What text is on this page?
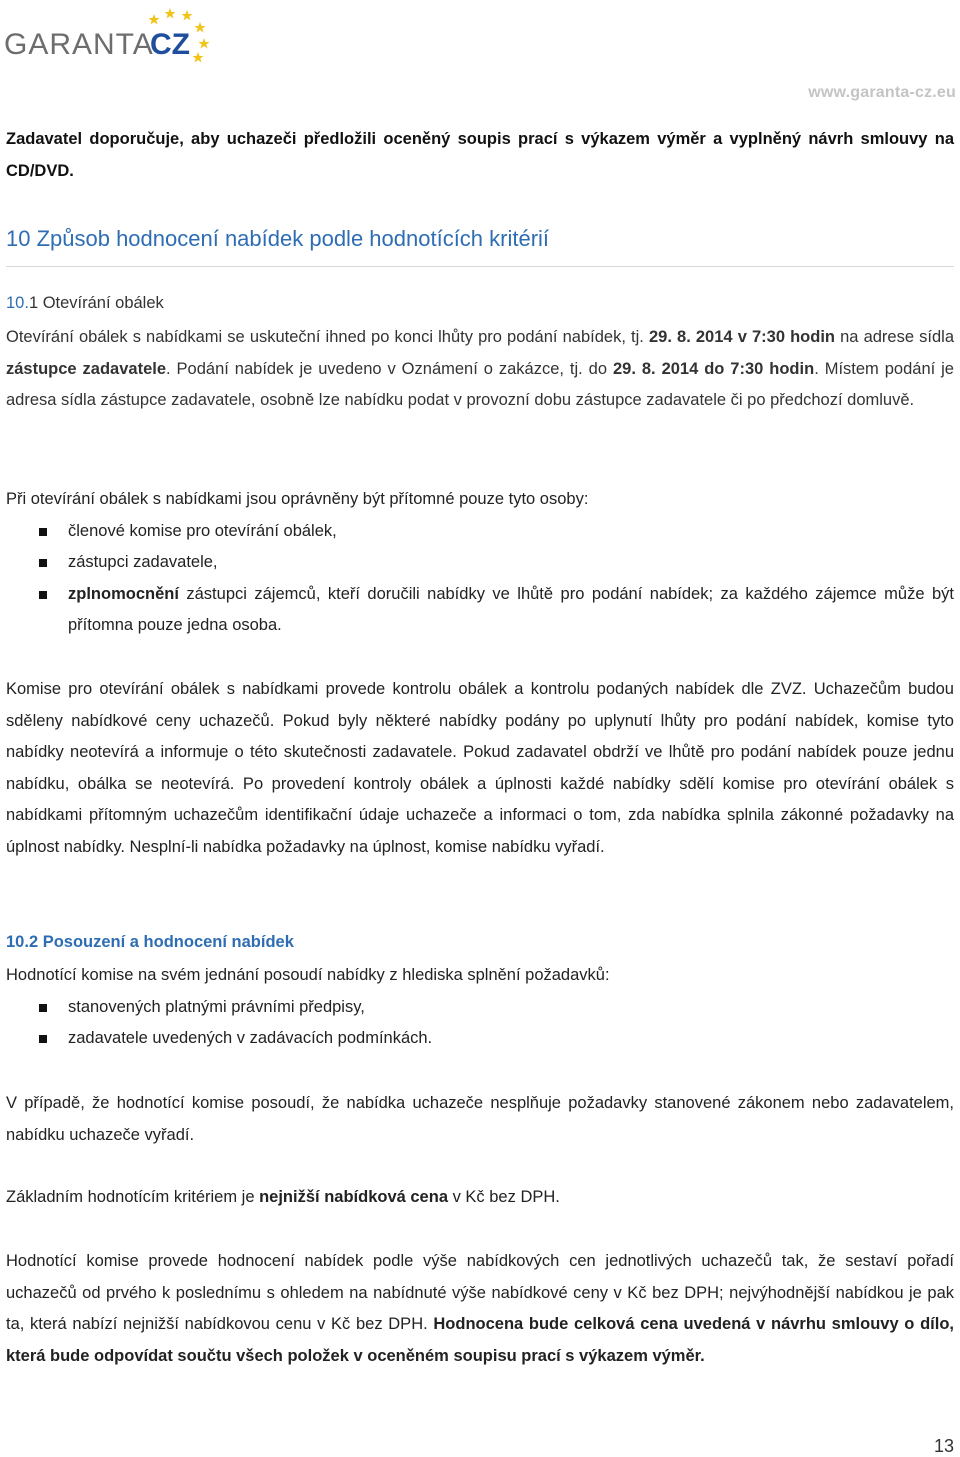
GARANTA
CZ
www.garanta-cz.eu

Zadavatel doporučuje, aby uchazeči předložili oceněný soupis prací s výkazem výměr a vyplněný návrh smlouvy na CD/DVD.

10 Způsob hodnocení nabídek podle hodnotících kritérií
10.1 Otevírání obálek

Otevírání obálek s nabídkami se uskuteční ihned po konci lhůty pro podání nabídek, tj. 29. 8. 2014 v 7:30 hodin na adrese sídla zástupce zadavatele. Podání nabídek je uvedeno v Oznámení o zakázce, tj. do 29. 8. 2014 do 7:30 hodin. Místem podání je adresa sídla zástupce zadavatele, osobně lze nabídku podat v provozní dobu zástupce zadavatele či po předchozí domluvě.

Při otevírání obálek s nabídkami jsou oprávněny být přítomné pouze tyto osoby:

členové komise pro otevírání obálek,
zástupci zadavatele,
zplnomocnění zástupci zájemců, kteří doručili nabídky ve lhůtě pro podání nabídek; za každého zájemce může být přítomna pouze jedna osoba.

Komise pro otevírání obálek s nabídkami provede kontrolu obálek a kontrolu podaných nabídek dle ZVZ. Uchazečům budou sděleny nabídkové ceny uchazečů. Pokud byly některé nabídky podány po uplynutí lhůty pro podání nabídek, komise tyto nabídky neotevírá a informuje o této skutečnosti zadavatele. Pokud zadavatel obdrží ve lhůtě pro podání nabídek pouze jednu nabídku, obálka se neotevírá. Po provedení kontroly obálek a úplnosti každé nabídky sdělí komise pro otevírání obálek s nabídkami přítomným uchazečům identifikační údaje uchazeče a informaci o tom, zda nabídka splnila zákonné požadavky na úplnost nabídky. Nesplní-li nabídka požadavky na úplnost, komise nabídku vyřadí.

10.2 Posouzení a hodnocení nabídek

Hodnotící komise na svém jednání posoudí nabídky z hlediska splnění požadavků:

stanovených platnými právními předpisy,
zadavatele uvedených v zadávacích podmínkách.

V případě, že hodnotící komise posoudí, že nabídka uchazeče nesplňuje požadavky stanovené zákonem nebo zadavatelem, nabídku uchazeče vyřadí.

Základním hodnotícím kritériem je nejnižší nabídková cena v Kč bez DPH.

Hodnotící komise provede hodnocení nabídek podle výše nabídkových cen jednotlivých uchazečů tak, že sestaví pořadí uchazečů od prvého k poslednímu s ohledem na nabídnuté výše nabídkové ceny v Kč bez DPH; nejvýhodnější nabídkou je pak ta, která nabízí nejnižší nabídkovou cenu v Kč bez DPH. Hodnocena bude celková cena uvedená v návrhu smlouvy o dílo, která bude odpovídat součtu všech položek v oceněném soupisu prací s výkazem výměr.

13
